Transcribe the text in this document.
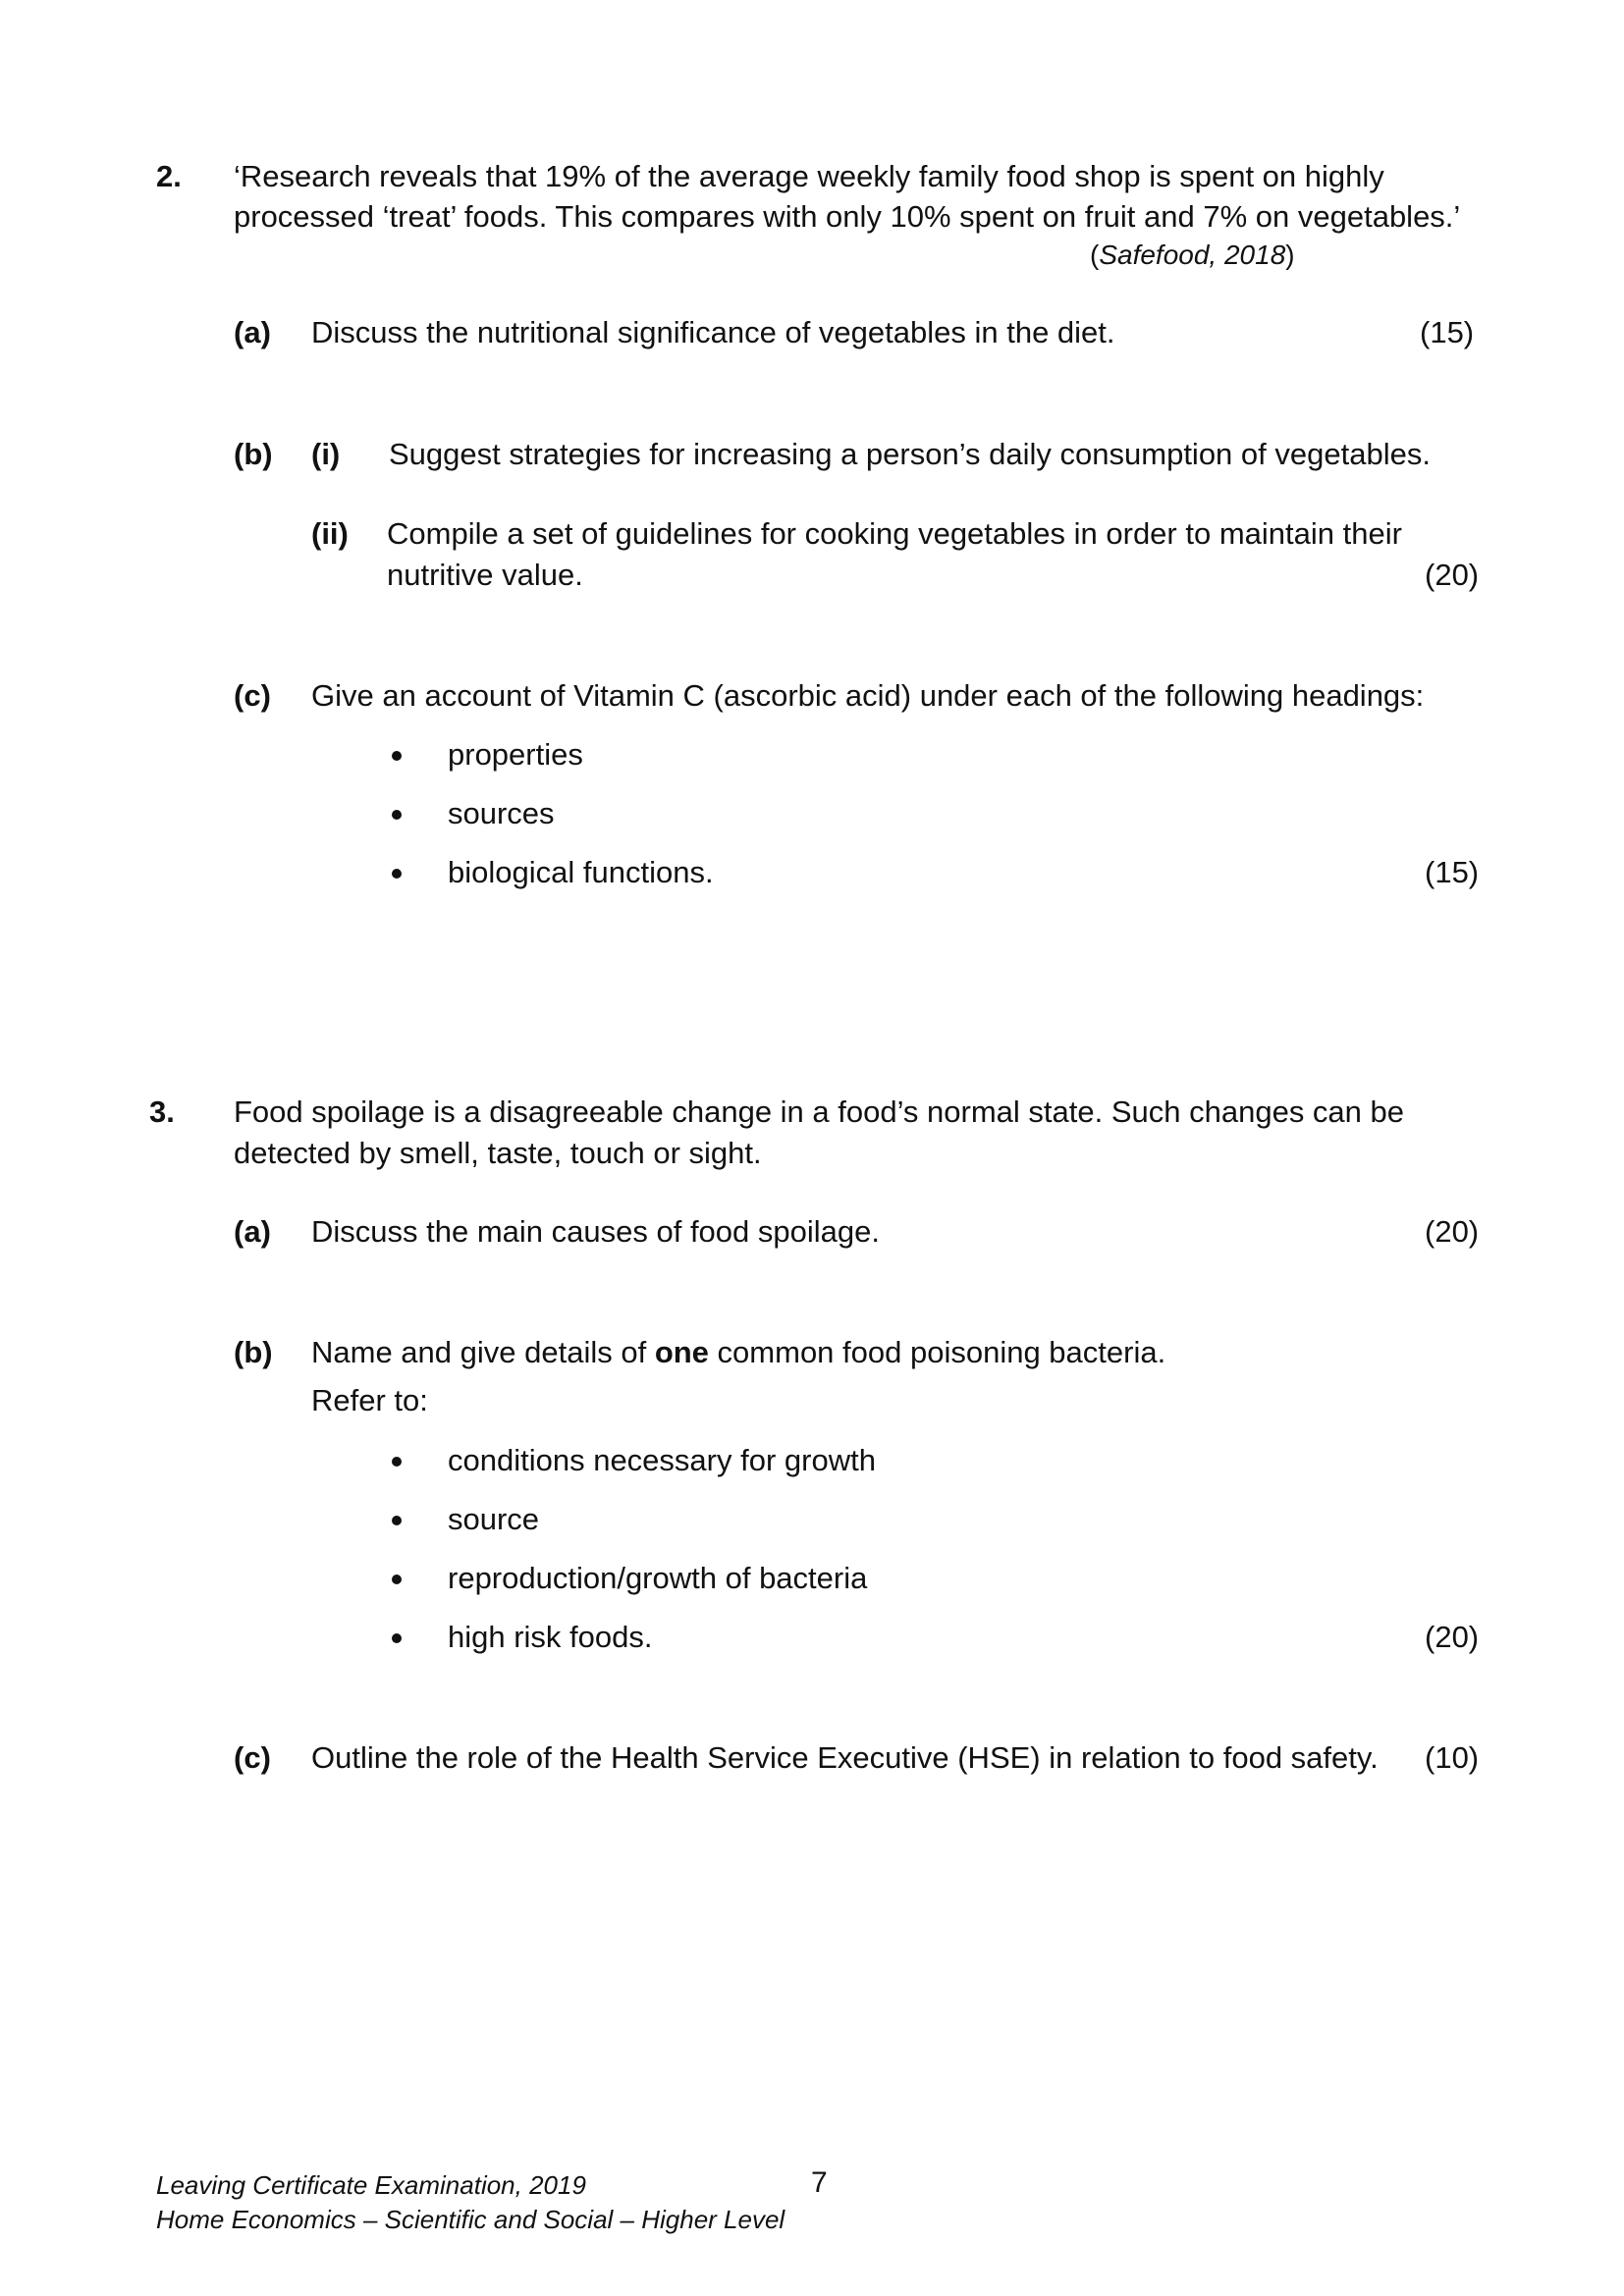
2. ‘Research reveals that 19% of the average weekly family food shop is spent on highly
processed ‘treat’ foods. This compares with only 10% spent on fruit and 7% on vegetables.’
(Safefood, 2018)
(a) Discuss the nutritional significance of vegetables in the diet.	(15)
(b) (i) Suggest strategies for increasing a person’s daily consumption of vegetables.
(ii) Compile a set of guidelines for cooking vegetables in order to maintain their
nutritive value.	(20)
(c) Give an account of Vitamin C (ascorbic acid) under each of the following headings:
properties
sources
biological functions.	(15)
3. Food spoilage is a disagreeable change in a food’s normal state. Such changes can be
detected by smell, taste, touch or sight.
(a) Discuss the main causes of food spoilage.	(20)
(b) Name and give details of one common food poisoning bacteria.
Refer to:
conditions necessary for growth
source
reproduction/growth of bacteria
high risk foods.	(20)
(c) Outline the role of the Health Service Executive (HSE) in relation to food safety. (10)
Leaving Certificate Examination, 2019
Home Economics – Scientific and Social – Higher Level
7
